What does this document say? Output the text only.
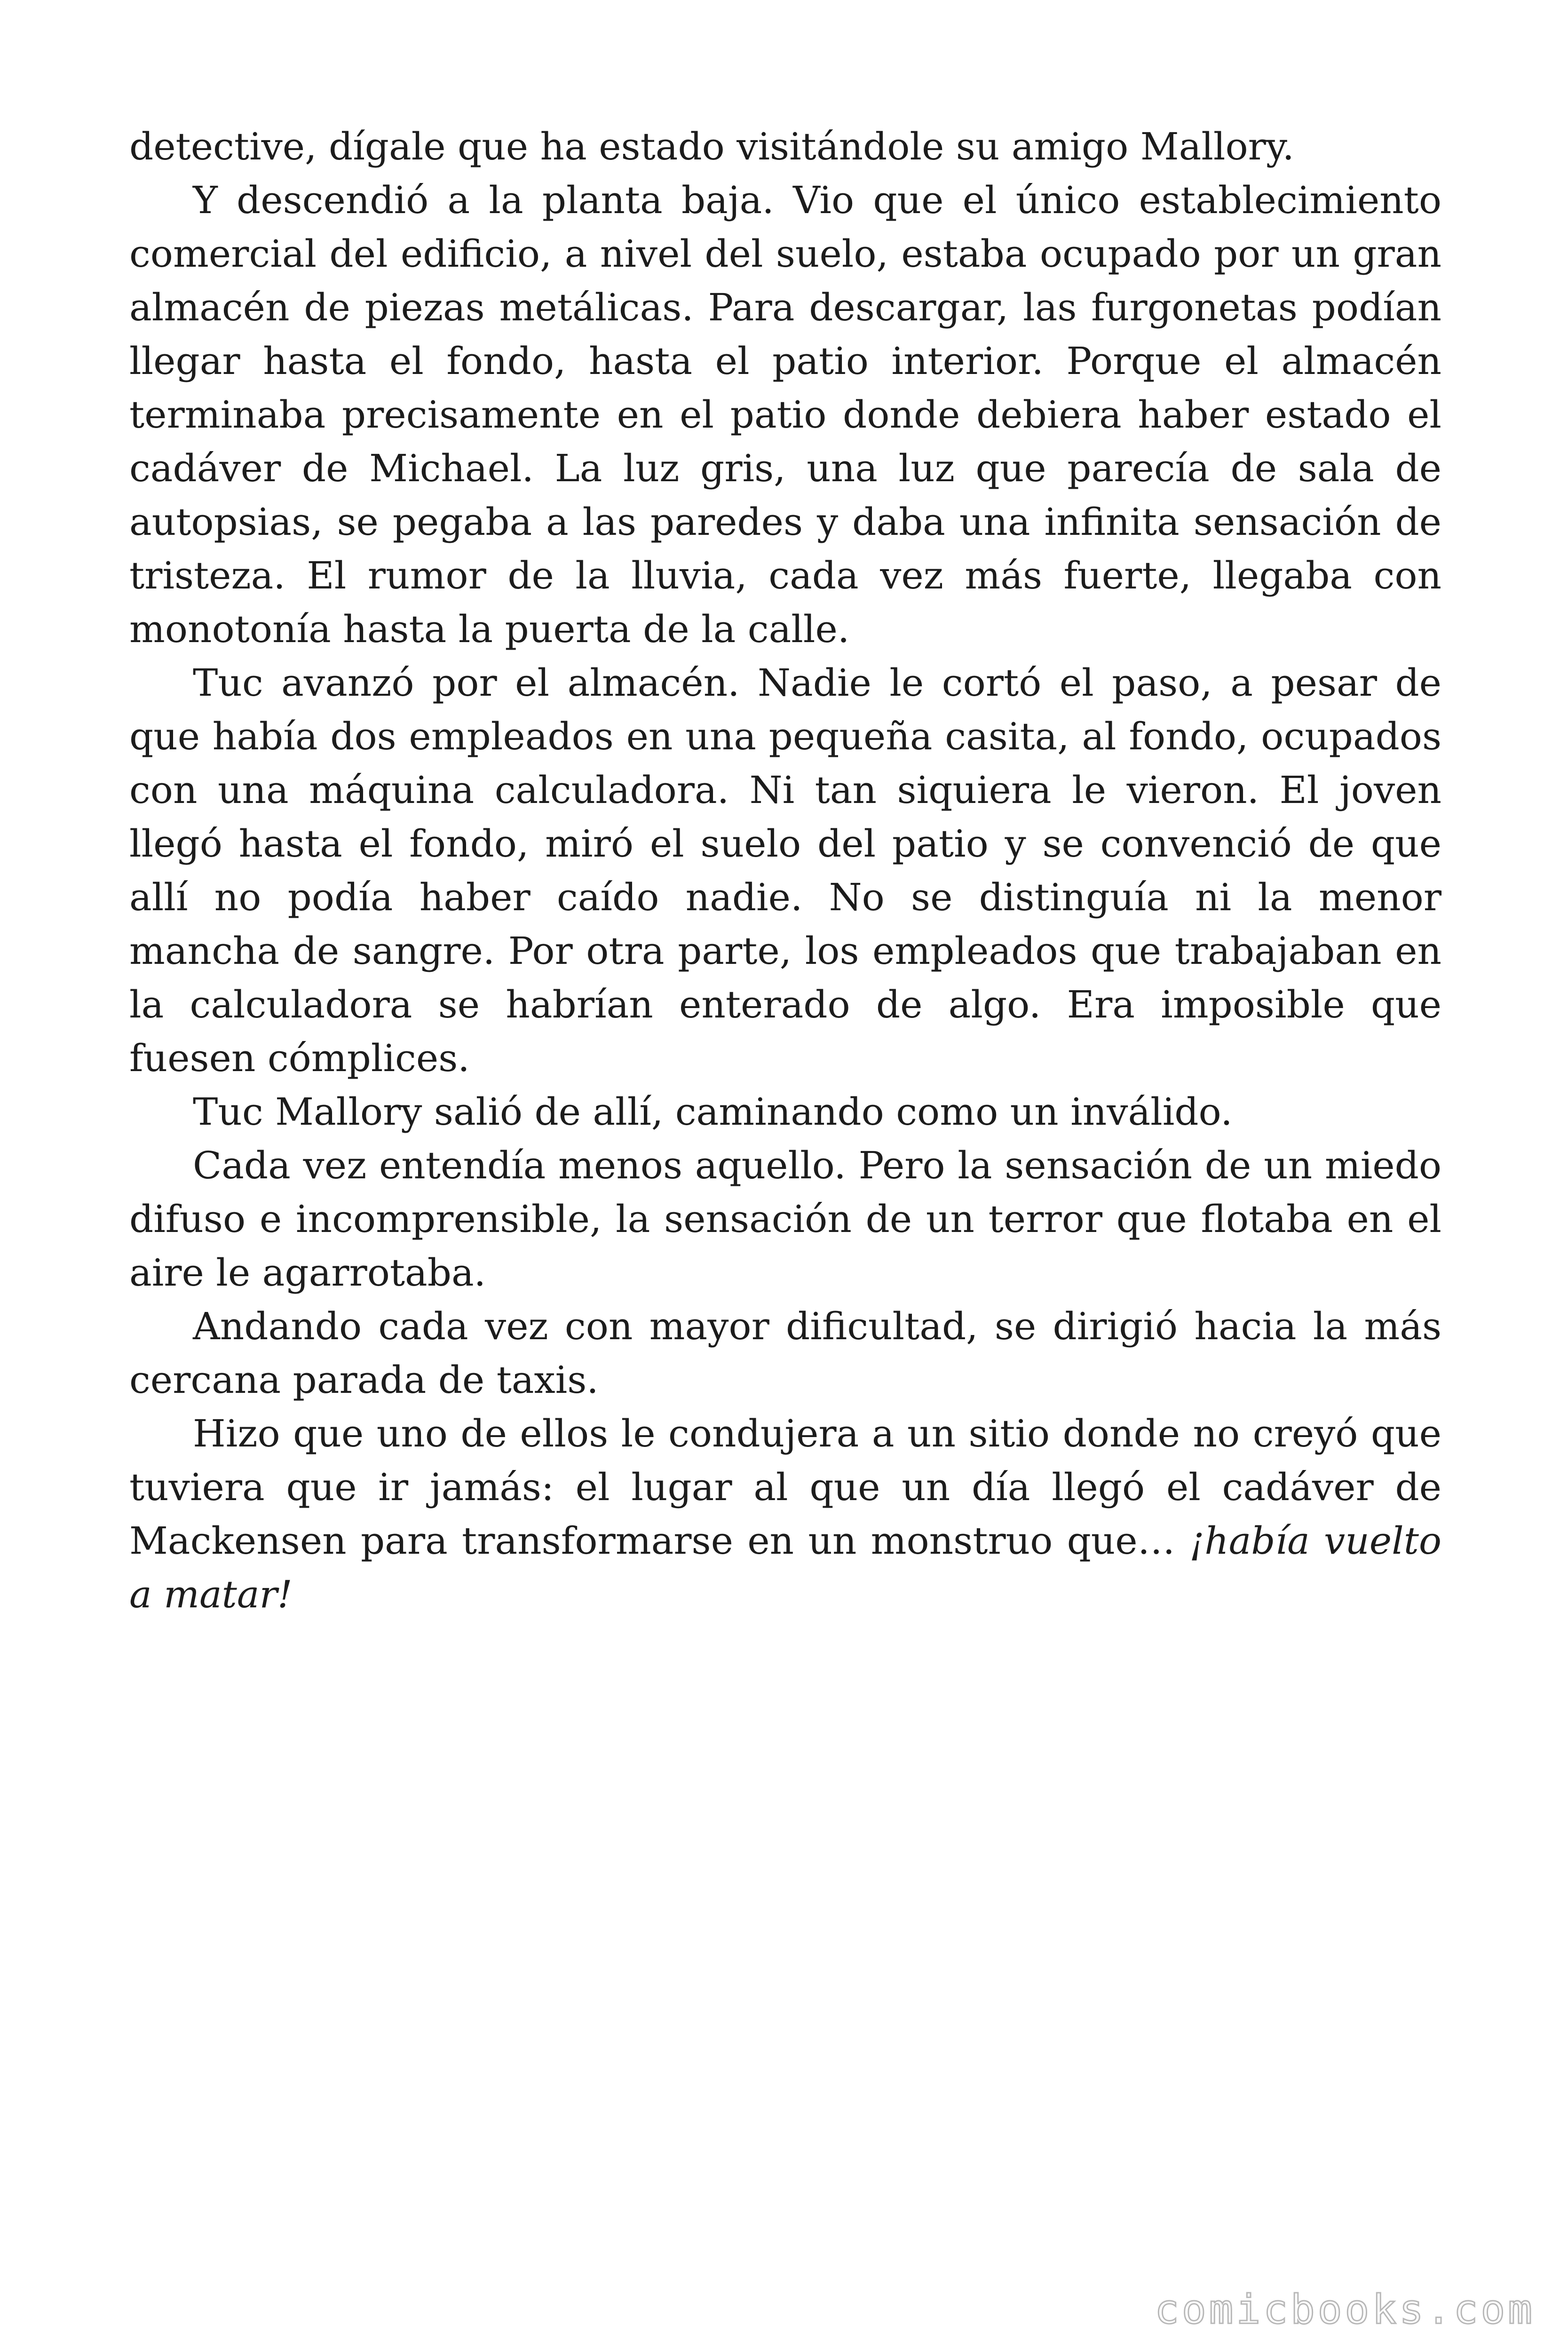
detective, dígale que ha estado visitándole su amigo Mallory.

Y descendió a la planta baja. Vio que el único establecimiento comercial del edificio, a nivel del suelo, estaba ocupado por un gran almacén de piezas metálicas. Para descargar, las furgonetas podían llegar hasta el fondo, hasta el patio interior. Porque el almacén terminaba precisamente en el patio donde debiera haber estado el cadáver de Michael. La luz gris, una luz que parecía de sala de autopsias, se pegaba a las paredes y daba una infinita sensación de tristeza. El rumor de la lluvia, cada vez más fuerte, llegaba con monotonía hasta la puerta de la calle.

Tuc avanzó por el almacén. Nadie le cortó el paso, a pesar de que había dos empleados en una pequeña casita, al fondo, ocupados con una máquina calculadora. Ni tan siquiera le vieron. El joven llegó hasta el fondo, miró el suelo del patio y se convenció de que allí no podía haber caído nadie. No se distinguía ni la menor mancha de sangre. Por otra parte, los empleados que trabajaban en la calculadora se habrían enterado de algo. Era imposible que fuesen cómplices.

Tuc Mallory salió de allí, caminando como un inválido.

Cada vez entendía menos aquello. Pero la sensación de un miedo difuso e incomprensible, la sensación de un terror que flotaba en el aire le agarrotaba.

Andando cada vez con mayor dificultad, se dirigió hacia la más cercana parada de taxis.

Hizo que uno de ellos le condujera a un sitio donde no creyó que tuviera que ir jamás: el lugar al que un día llegó el cadáver de Mackensen para transformarse en un monstruo que… ¡había vuelto a matar!

comicbooks.com
